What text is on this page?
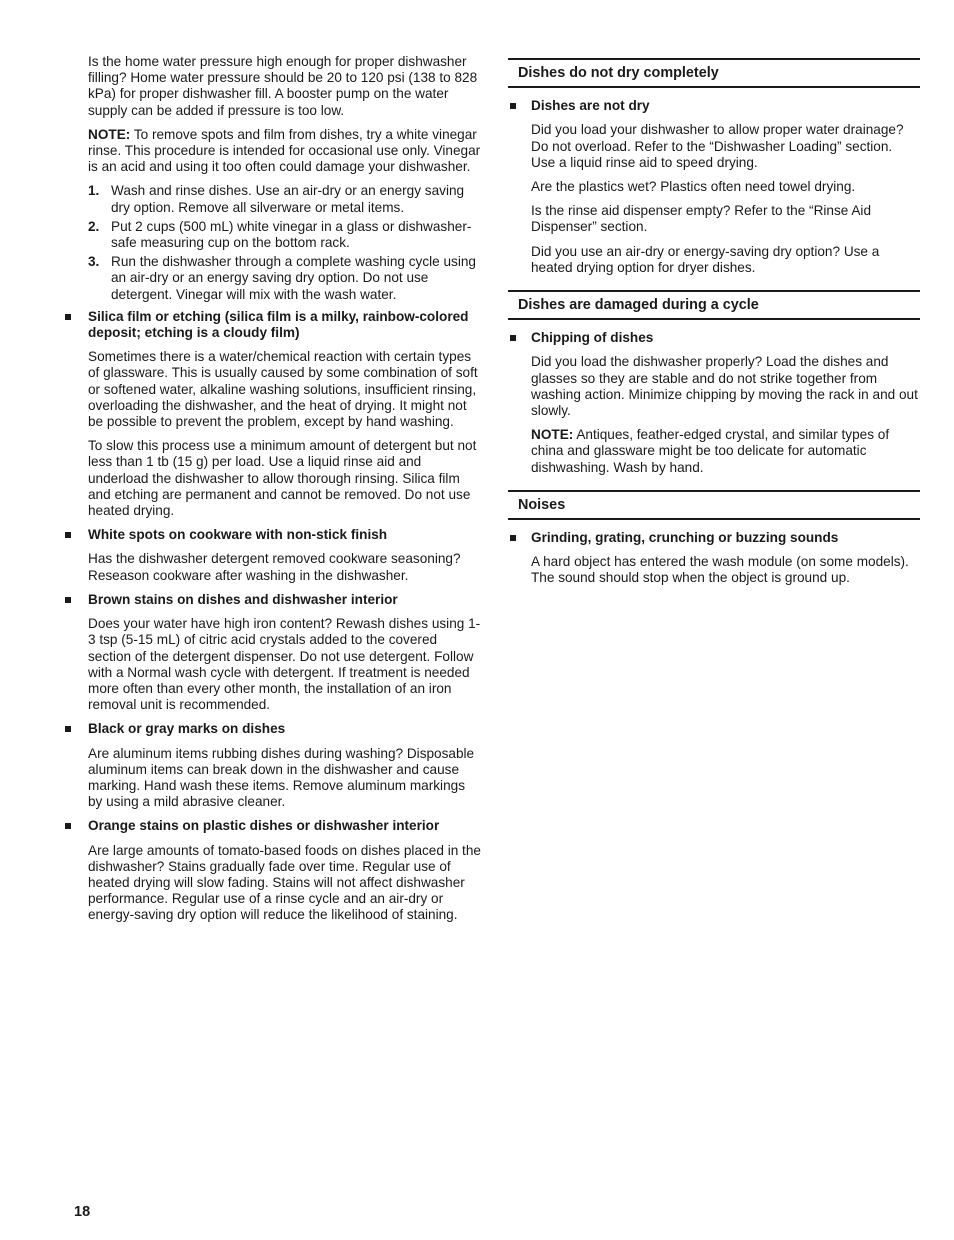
Is the home water pressure high enough for proper dishwasher filling? Home water pressure should be 20 to 120 psi (138 to 828 kPa) for proper dishwasher fill. A booster pump on the water supply can be added if pressure is too low.

NOTE: To remove spots and film from dishes, try a white vinegar rinse. This procedure is intended for occasional use only. Vinegar is an acid and using it too often could damage your dishwasher.

1. Wash and rinse dishes. Use an air-dry or an energy saving dry option. Remove all silverware or metal items.
2. Put 2 cups (500 mL) white vinegar in a glass or dishwasher-safe measuring cup on the bottom rack.
3. Run the dishwasher through a complete washing cycle using an air-dry or an energy saving dry option. Do not use detergent. Vinegar will mix with the wash water.
Silica film or etching (silica film is a milky, rainbow-colored deposit; etching is a cloudy film)

Sometimes there is a water/chemical reaction with certain types of glassware. This is usually caused by some combination of soft or softened water, alkaline washing solutions, insufficient rinsing, overloading the dishwasher, and the heat of drying. It might not be possible to prevent the problem, except by hand washing.

To slow this process use a minimum amount of detergent but not less than 1 tb (15 g) per load. Use a liquid rinse aid and underload the dishwasher to allow thorough rinsing. Silica film and etching are permanent and cannot be removed. Do not use heated drying.

White spots on cookware with non-stick finish

Has the dishwasher detergent removed cookware seasoning? Reseason cookware after washing in the dishwasher.

Brown stains on dishes and dishwasher interior

Does your water have high iron content? Rewash dishes using 1-3 tsp (5-15 mL) of citric acid crystals added to the covered section of the detergent dispenser. Do not use detergent. Follow with a Normal wash cycle with detergent. If treatment is needed more often than every other month, the installation of an iron removal unit is recommended.

Black or gray marks on dishes

Are aluminum items rubbing dishes during washing? Disposable aluminum items can break down in the dishwasher and cause marking. Hand wash these items. Remove aluminum markings by using a mild abrasive cleaner.

Orange stains on plastic dishes or dishwasher interior

Are large amounts of tomato-based foods on dishes placed in the dishwasher? Stains gradually fade over time. Regular use of heated drying will slow fading. Stains will not affect dishwasher performance. Regular use of a rinse cycle and an air-dry or energy-saving dry option will reduce the likelihood of staining.

Dishes do not dry completely
Dishes are not dry

Did you load your dishwasher to allow proper water drainage? Do not overload. Refer to the “Dishwasher Loading” section. Use a liquid rinse aid to speed drying.

Are the plastics wet? Plastics often need towel drying.

Is the rinse aid dispenser empty? Refer to the “Rinse Aid Dispenser” section.

Did you use an air-dry or energy-saving dry option? Use a heated drying option for dryer dishes.

Dishes are damaged during a cycle
Chipping of dishes

Did you load the dishwasher properly? Load the dishes and glasses so they are stable and do not strike together from washing action. Minimize chipping by moving the rack in and out slowly.

NOTE: Antiques, feather-edged crystal, and similar types of china and glassware might be too delicate for automatic dishwashing. Wash by hand.

Noises
Grinding, grating, crunching or buzzing sounds

A hard object has entered the wash module (on some models). The sound should stop when the object is ground up.

18
